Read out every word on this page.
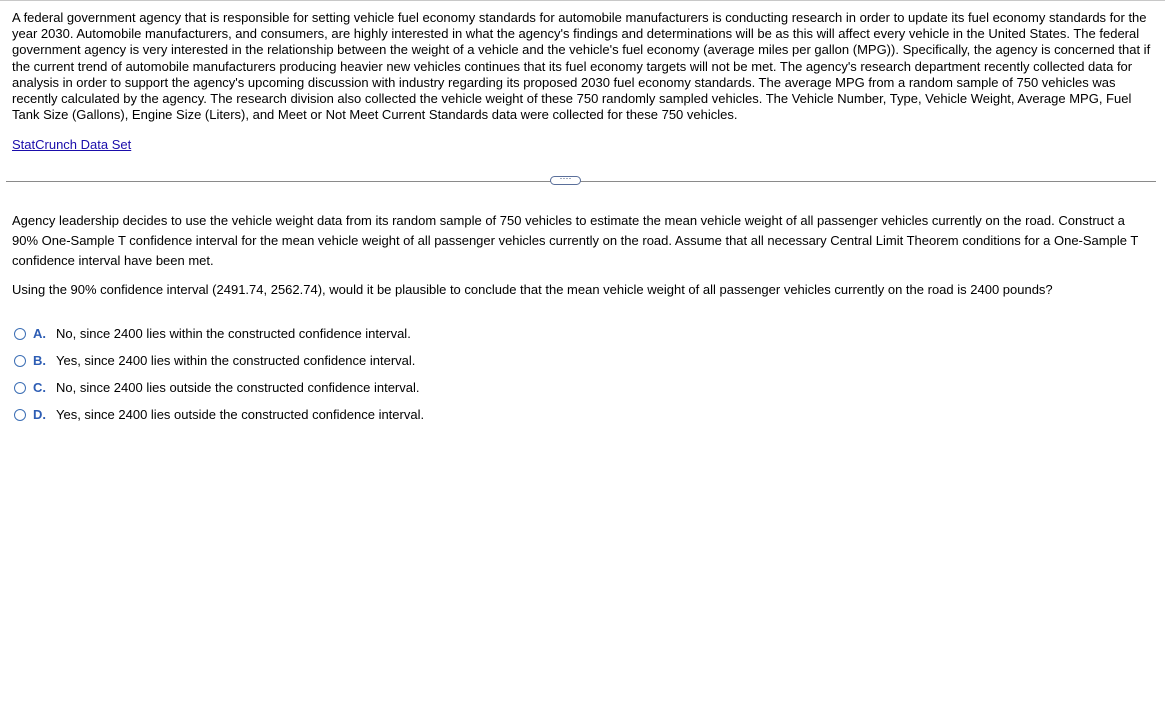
A federal government agency that is responsible for setting vehicle fuel economy standards for automobile manufacturers is conducting research in order to update its fuel economy standards for the year 2030. Automobile manufacturers, and consumers, are highly interested in what the agency's findings and determinations will be as this will affect every vehicle in the United States. The federal government agency is very interested in the relationship between the weight of a vehicle and the vehicle's fuel economy (average miles per gallon (MPG)). Specifically, the agency is concerned that if the current trend of automobile manufacturers producing heavier new vehicles continues that its fuel economy targets will not be met. The agency's research department recently collected data for analysis in order to support the agency's upcoming discussion with industry regarding its proposed 2030 fuel economy standards. The average MPG from a random sample of 750 vehicles was recently calculated by the agency. The research division also collected the vehicle weight of these 750 randomly sampled vehicles. The Vehicle Number, Type, Vehicle Weight, Average MPG, Fuel Tank Size (Gallons), Engine Size (Liters), and Meet or Not Meet Current Standards data were collected for these 750 vehicles.

StatCrunch Data Set
····

Agency leadership decides to use the vehicle weight data from its random sample of 750 vehicles to estimate the mean vehicle weight of all passenger vehicles currently on the road. Construct a 90% One-Sample T confidence interval for the mean vehicle weight of all passenger vehicles currently on the road. Assume that all necessary Central Limit Theorem conditions for a One-Sample T confidence interval have been met.

Using the 90% confidence interval (2491.74, 2562.74), would it be plausible to conclude that the mean vehicle weight of all passenger vehicles currently on the road is 2400 pounds?

A. No, since 2400 lies within the constructed confidence interval.
B. Yes, since 2400 lies within the constructed confidence interval.
C. No, since 2400 lies outside the constructed confidence interval.
D. Yes, since 2400 lies outside the constructed confidence interval.
